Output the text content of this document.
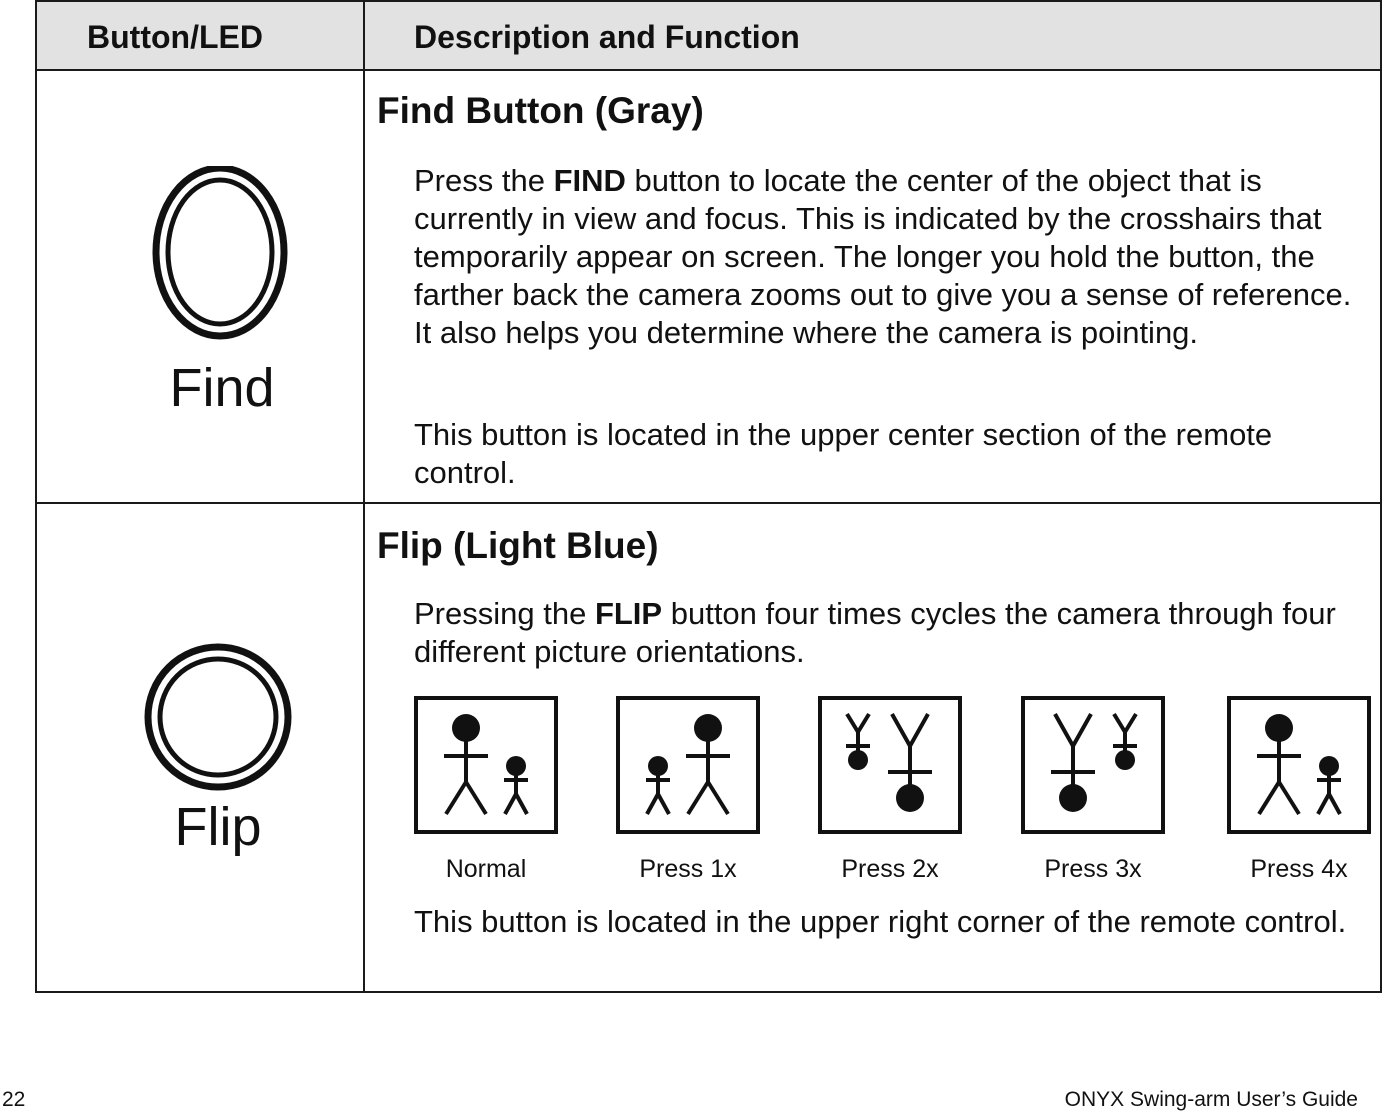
Button/LED	Description and Function
Find
Find Button (Gray)
Press the FIND button to locate the center of the object that is currently in view and focus. This is indicated by the crosshairs that temporarily appear on screen. The longer you hold the button, the farther back the camera zooms out to give you a sense of reference. It also helps you determine where the camera is pointing.
This button is located in the upper center section of the remote control.
Flip
Flip (Light Blue)
Pressing the FLIP button four times cycles the camera through four different picture orientations.
Normal	Press 1x	Press 2x	Press 3x	Press 4x
This button is located in the upper right corner of the remote control.
22	ONYX Swing-arm User’s Guide
